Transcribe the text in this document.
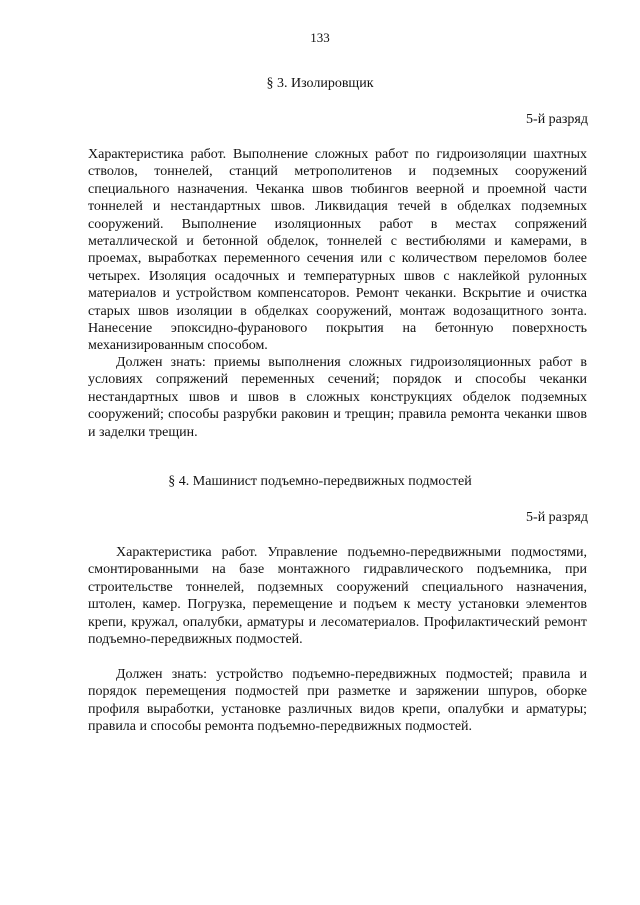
133
§ 3. Изолировщик
5-й разряд

Характеристика работ. Выполнение сложных работ по гидроизоляции шахтных стволов, тоннелей, станций метрополитенов и подземных сооружений специального назначения. Чеканка швов тюбингов веерной и проемной части тоннелей и нестандартных швов. Ликвидация течей в обделках подземных сооружений. Выполнение изоляционных работ в местах сопряжений металлической и бетонной обделок, тоннелей с вестибюлями и камерами, в проемах, выработках переменного сечения или с количеством переломов более четырех. Изоляция осадочных и температурных швов с наклейкой рулонных материалов и устройством компенсаторов. Ремонт чеканки. Вскрытие и очистка старых швов изоляции в обделках сооружений, монтаж водозащитного зонта. Нанесение эпоксидно-фуранового покрытия на бетонную поверхность механизированным способом.

Должен знать: приемы выполнения сложных гидроизоляционных работ в условиях сопряжений переменных сечений; порядок и способы чеканки нестандартных швов и швов в сложных конструкциях обделок подземных сооружений; способы разрубки раковин и трещин; правила ремонта чеканки швов и заделки трещин.

§ 4. Машинист подъемно-передвижных подмостей
5-й разряд

Характеристика работ. Управление подъемно-передвижными подмостями, смонтированными на базе монтажного гидравлического подъемника, при строительстве тоннелей, подземных сооружений специального назначения, штолен, камер. Погрузка, перемещение и подъем к месту установки элементов крепи, кружал, опалубки, арматуры и лесоматериалов. Профилактический ремонт подъемно-передвижных подмостей.

Должен знать: устройство подъемно-передвижных подмостей; правила и порядок перемещения подмостей при разметке и заряжении шпуров, оборке профиля выработки, установке различных видов крепи, опалубки и арматуры; правила и способы ремонта подъемно-передвижных подмостей.
